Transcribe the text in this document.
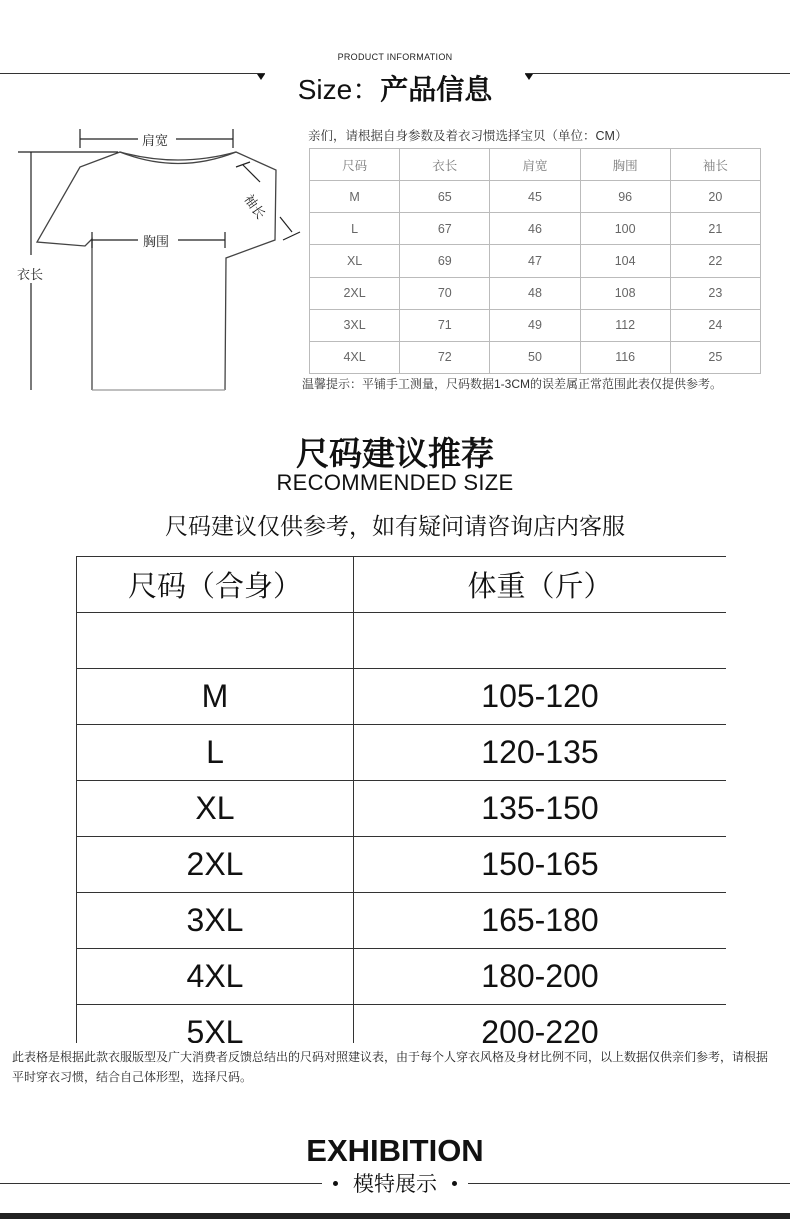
PRODUCT INFORMATION
Size：产品信息
肩宽
胸围
衣长
袖长
亲们，请根据自身参数及着衣习惯选择宝贝（单位：CM）
尺码	衣长	肩宽	胸围	袖长
M	65	45	96	20
L	67	46	100	21
XL	69	47	104	22
2XL	70	48	108	23
3XL	71	49	112	24
4XL	72	50	116	25
温馨提示：平铺手工测量，尺码数据1-3CM的误差属正常范围此表仅提供参考。
尺码建议推荐
RECOMMENDED SIZE
尺码建议仅供参考，如有疑问请咨询店内客服
尺码（合身）	体重（斤）

M	105-120
L	120-135
XL	135-150
2XL	150-165
3XL	165-180
4XL	180-200
5XL	200-220
此表格是根据此款衣服版型及广大消费者反馈总结出的尺码对照建议表，由于每个人穿衣风格及身材比例不同，以上数据仅供亲们参考，请根据平时穿衣习惯，结合自己体形型，选择尺码。
EXHIBITION
模特展示
